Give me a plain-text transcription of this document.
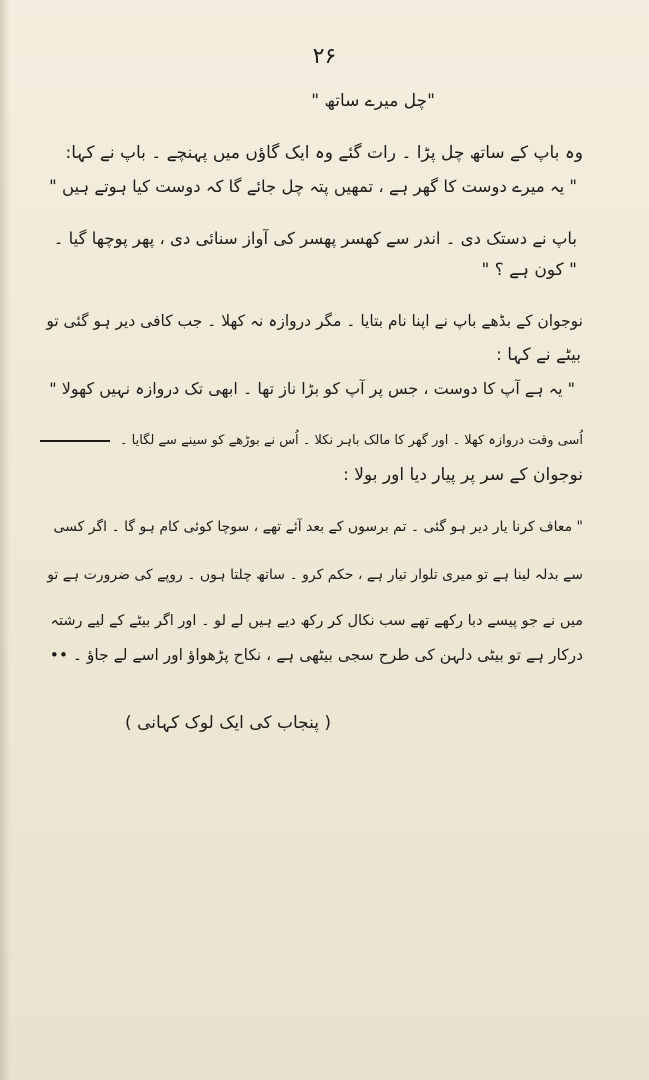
۲۶
"چل میرے ساتھ "
وہ باپ کے ساتھ چل پڑا ۔ رات گئے وہ ایک گاؤں میں پہنچے ۔ باپ نے کہا:
" یہ میرے دوست کا گھر ہے ، تمھیں پتہ چل جائے گا کہ دوست کیا ہوتے ہیں "
باپ نے دستک دی ۔ اندر سے کھسر پھسر کی آواز سنائی دی ، پھر پوچھا گیا ۔
" کون ہے ؟ "
نوجوان کے بڈھے باپ نے اپنا نام بتایا ۔ مگر دروازہ نہ کھلا ۔ جب کافی دیر ہو گئی تو
بیٹے نے کہا :
" یہ ہے آپ کا دوست ، جس پر آپ کو بڑا ناز تھا ۔ ابھی تک دروازہ نہیں کھولا "
اُسی وقت دروازہ کھلا ۔ اور گھر کا مالک باہر نکلا ۔ اُس نے بوڑھے کو سینے سے لگایا ۔
نوجوان کے سر پر پیار دیا اور بولا :
" معاف کرنا یار دیر ہو گئی ۔ تم برسوں کے بعد آئے تھے ، سوچا کوئی کام ہو گا ۔ اگر کسی
سے بدلہ لینا ہے تو میری تلوار تیار ہے ، حکم کرو ۔ ساتھ چلتا ہوں ۔ روپے کی ضرورت ہے تو
میں نے جو پیسے دبا رکھے تھے سب نکال کر رکھ دیے ہیں لے لو ۔ اور اگر بیٹے کے لیے رشتہ
درکار ہے تو بیٹی دلہن کی طرح سجی بیٹھی ہے ، نکاح پڑھواؤ اور اسے لے جاؤ ۔ ••
( پنجاب کی ایک لوک کہانی )
